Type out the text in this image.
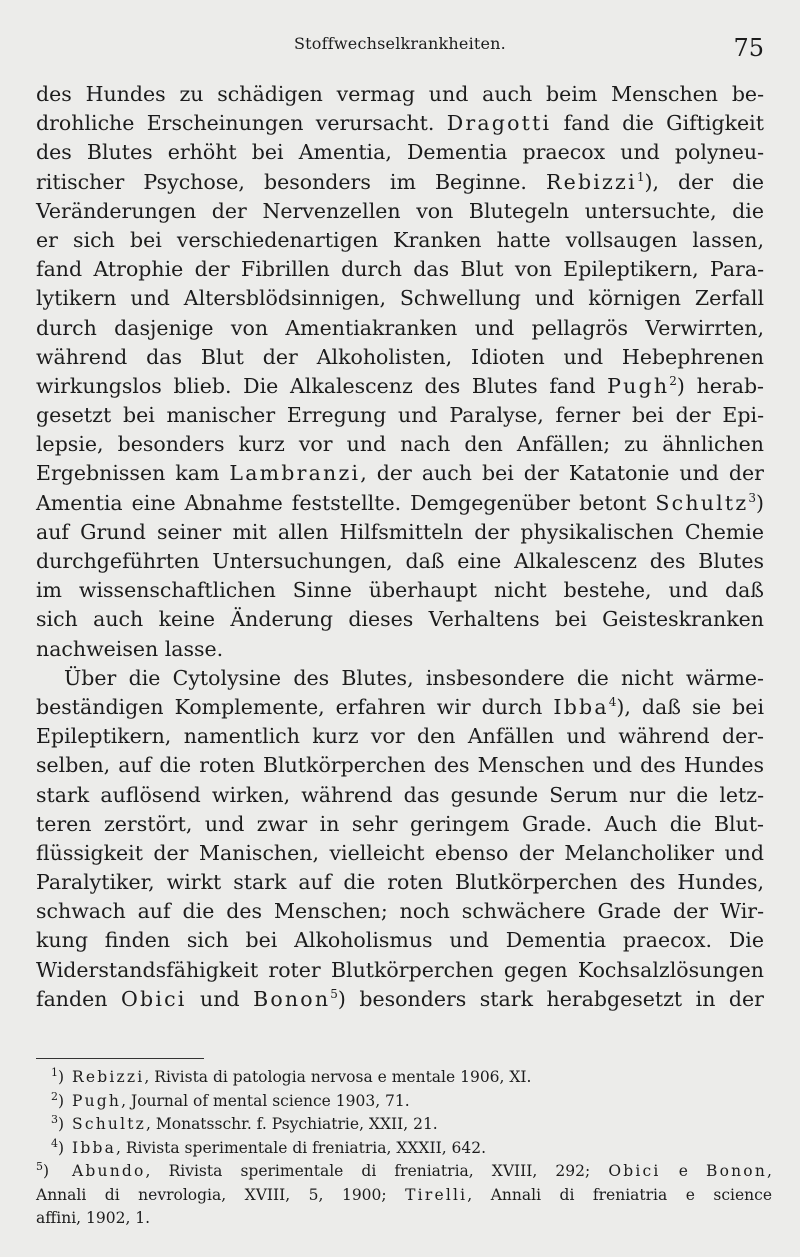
Stoffwechselkrankheiten.	75
des Hundes zu schädigen vermag und auch beim Menschen be-
drohliche Erscheinungen verursacht. Dragotti fand die Giftigkeit
des Blutes erhöht bei Amentia, Dementia praecox und polyneu-
ritischer Psychose, besonders im Beginne. Rebizzi$^1$), der die
Veränderungen der Nervenzellen von Blutegeln untersuchte, die
er sich bei verschiedenartigen Kranken hatte vollsaugen lassen,
fand Atrophie der Fibrillen durch das Blut von Epileptikern, Para-
lytikern und Altersblödsinnigen, Schwellung und körnigen Zerfall
durch dasjenige von Amentiakranken und pellagrös Verwirrten,
während das Blut der Alkoholisten, Idioten und Hebephrenen
wirkungslos blieb. Die Alkalescenz des Blutes fand Pugh$^2$) herab-
gesetzt bei manischer Erregung und Paralyse, ferner bei der Epi-
lepsie, besonders kurz vor und nach den Anfällen; zu ähnlichen
Ergebnissen kam Lambranzi, der auch bei der Katatonie und der
Amentia eine Abnahme feststellte. Demgegenüber betont Schultz$^3$)
auf Grund seiner mit allen Hilfsmitteln der physikalischen Chemie
durchgeführten Untersuchungen, daß eine Alkalescenz des Blutes
im wissenschaftlichen Sinne überhaupt nicht bestehe, und daß
sich auch keine Änderung dieses Verhaltens bei Geisteskranken
nachweisen lasse.
Über die Cytolysine des Blutes, insbesondere die nicht wärme-
beständigen Komplemente, erfahren wir durch Ibba$^4$), daß sie bei
Epileptikern, namentlich kurz vor den Anfällen und während der-
selben, auf die roten Blutkörperchen des Menschen und des Hundes
stark auflösend wirken, während das gesunde Serum nur die letz-
teren zerstört, und zwar in sehr geringem Grade. Auch die Blut-
flüssigkeit der Manischen, vielleicht ebenso der Melancholiker und
Paralytiker, wirkt stark auf die roten Blutkörperchen des Hundes,
schwach auf die des Menschen; noch schwächere Grade der Wir-
kung finden sich bei Alkoholismus und Dementia praecox. Die
Widerstandsfähigkeit roter Blutkörperchen gegen Kochsalzlösungen
fanden Obici und Bonon$^5$) besonders stark herabgesetzt in der
$^1$) Rebizzi, Rivista di patologia nervosa e mentale 1906, XI.
$^2$) Pugh, Journal of mental science 1903, 71.
$^3$) Schultz, Monatsschr. f. Psychiatrie, XXII, 21.
$^4$) Ibba, Rivista sperimentale di freniatria, XXXII, 642.
$^5$) Abundo, Rivista sperimentale di freniatria, XVIII, 292; Obici e Bonon,
Annali di nevrologia, XVIII, 5, 1900; Tirelli, Annali di freniatria e science
affini, 1902, 1.
